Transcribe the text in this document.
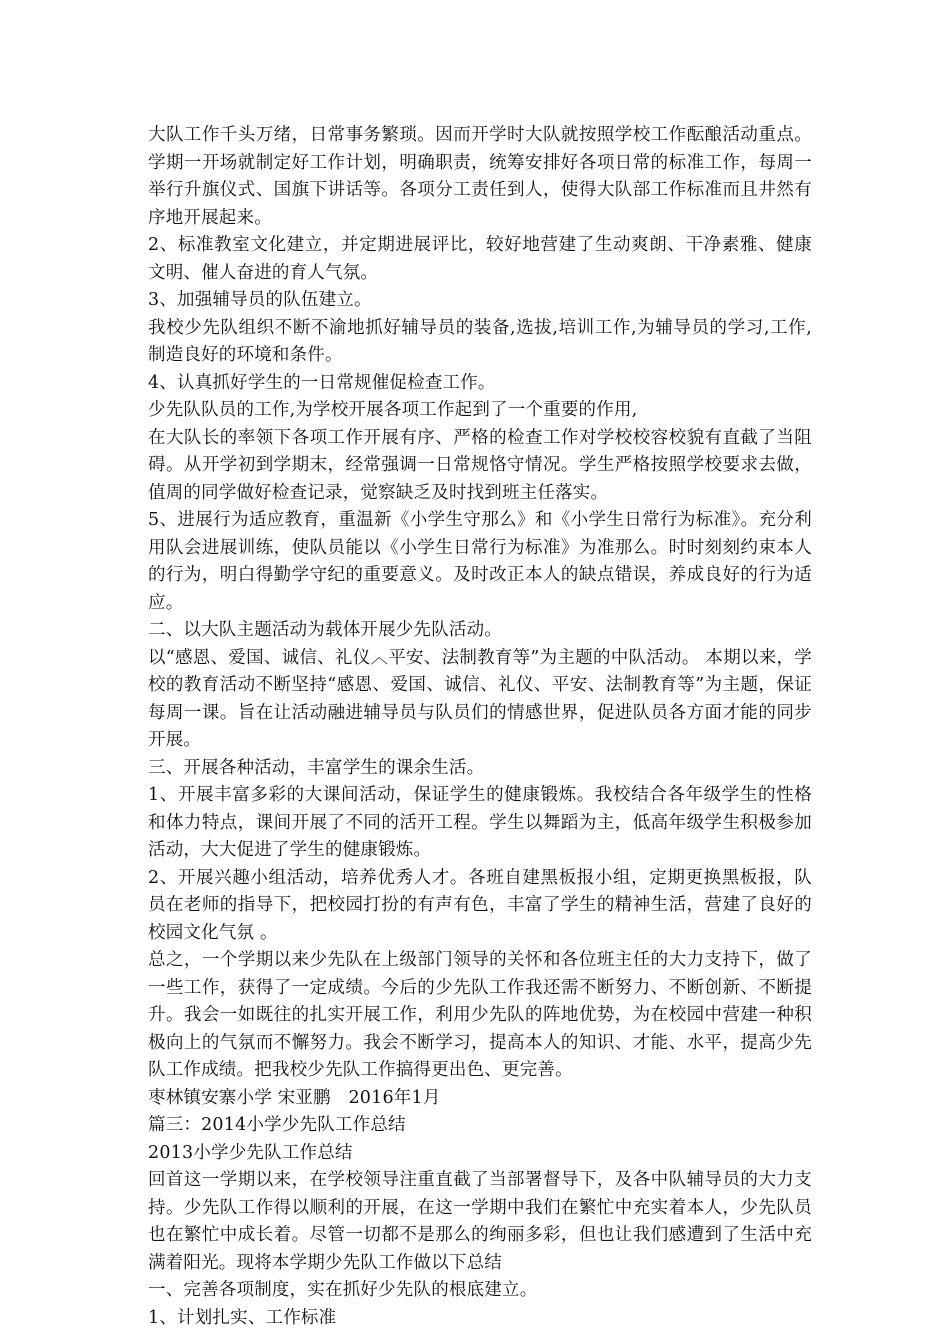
大队工作千头万绪，日常事务繁琐。因而开学时大队就按照学校工作酝酿活动重点。学期一开场就制定好工作计划，明确职责，统筹安排好各项日常的标准工作，每周一举行升旗仪式、国旗下讲话等。各项分工责任到人，使得大队部工作标准而且井然有序地开展起来。

2、标准教室文化建立，并定期进展评比，较好地营建了生动爽朗、干净素雅、健康文明、催人奋进的育人气氛。

3、加强辅导员的队伍建立。

我校少先队组织不断不渝地抓好辅导员的装备,选拔,培训工作,为辅导员的学习,工作,制造良好的环境和条件。

4、认真抓好学生的一日常规催促检查工作。

少先队队员的工作,为学校开展各项工作起到了一个重要的作用,

在大队长的率领下各项工作开展有序、严格的检查工作对学校校容校貌有直截了当阻碍。从开学初到学期末，经常强调一日常规恪守情况。学生严格按照学校要求去做，值周的同学做好检查记录，觉察缺乏及时找到班主任落实。

5、进展行为适应教育，重温新《小学生守那么》和《小学生日常行为标准》。充分利用队会进展训练，使队员能以《小学生日常行为标准》为准那么。时时刻刻约束本人的行为，明白得勤学守纪的重要意义。及时改正本人的缺点错误，养成良好的行为适应。

二、以大队主题活动为载体开展少先队活动。

以“感恩、爱国、诚信、礼仪︿平安、法制教育等”为主题的中队活动。 本期以来，学校的教育活动不断坚持“感恩、爱国、诚信、礼仪、平安、法制教育等”为主题，保证每周一课。旨在让活动融进辅导员与队员们的情感世界，促进队员各方面才能的同步开展。

三、开展各种活动，丰富学生的课余生活。

1、开展丰富多彩的大课间活动，保证学生的健康锻炼。我校结合各年级学生的性格和体力特点，课间开展了不同的活开工程。学生以舞蹈为主，低高年级学生积极参加活动，大大促进了学生的健康锻炼。

2、开展兴趣小组活动，培养优秀人才。各班自建黑板报小组，定期更换黑板报，队员在老师的指导下，把校园打扮的有声有色，丰富了学生的精神生活，营建了良好的校园文化气氛 。

总之，一个学期以来少先队在上级部门领导的关怀和各位班主任的大力支持下，做了一些工作，获得了一定成绩。今后的少先队工作我还需不断努力、不断创新、不断提升。我会一如既往的扎实开展工作，利用少先队的阵地优势，为在校园中营建一种积极向上的气氛而不懈努力。我会不断学习，提高本人的知识、才能、水平，提高少先队工作成绩。把我校少先队工作搞得更出色、更完善。

枣林镇安寨小学 宋亚鹏　2016年1月

篇三：2014小学少先队工作总结

2013小学少先队工作总结

回首这一学期以来，在学校领导注重直截了当部署督导下，及各中队辅导员的大力支持。少先队工作得以顺利的开展，在这一学期中我们在繁忙中充实着本人，少先队员也在繁忙中成长着。尽管一切都不是那么的绚丽多彩，但也让我们感遭到了生活中充满着阳光。现将本学期少先队工作做以下总结

一、完善各项制度，实在抓好少先队的根底建立。

1、计划扎实、工作标准
